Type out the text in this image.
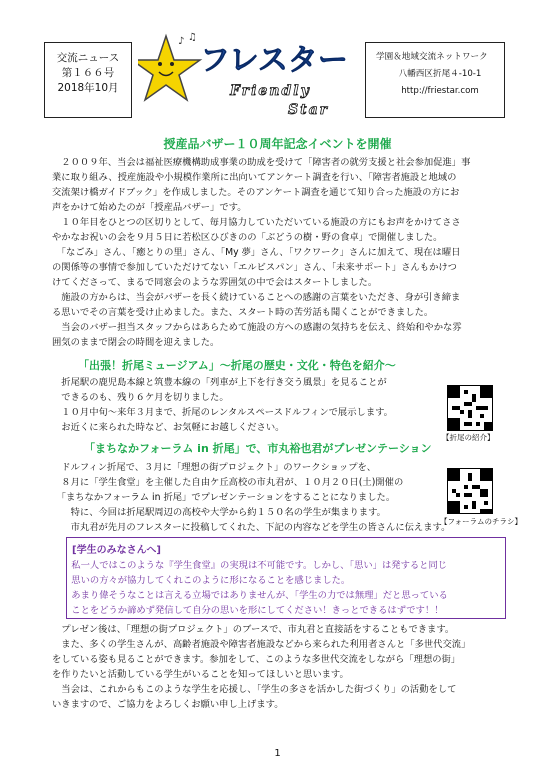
交流ニュース
第１６６号
2018年10月
♪ ♫
フレスター
Friendly
Star
学園＆地域交流ネットワーク
八幡西区折尾４-10-1
http://friestar.com
授産品バザー１０周年記念イベントを開催
　２００９年、当会は福祉医療機構助成事業の助成を受けて「障害者の就労支援と社会参加促進」事
業に取り組み、授産施設や小規模作業所に出向いてアンケート調査を行い、「障害者施設と地域の
交流架け橋ガイドブック」を作成しました。そのアンケート調査を通じて知り合った施設の方にお
声をかけて始めたのが「授産品バザー」です。
　１０年目をひとつの区切りとして、毎月協力していただいている施設の方にもお声をかけてささ
やかなお祝いの会を９月５日に若松区ひびきのの「ぶどうの樹・野の食卓」で開催しました。
　「なごみ」さん、「癒とりの里」さん、「My 夢」さん、「ワクワーク」さんに加えて、現在は曜日
の関係等の事情で参加していただけてない「エルビスパン」さん、「未来サポート」さんもかけつ
けてくださって、まるで同窓会のような雰囲気の中で会はスタートしました。
　施設の方からは、当会がバザーを長く続けていることへの感謝の言葉をいただき、身が引き締ま
る思いでその言葉を受け止めました。また、スタート時の苦労話も聞くことができました。
　当会のバザー担当スタッフからはあらためて施設の方への感謝の気持ちを伝え、終始和やかな雰
囲気のままで閉会の時間を迎えました。
「出張！折尾ミュージアム」～折尾の歴史・文化・特色を紹介～
　折尾駅の鹿児島本線と筑豊本線の「列車が上下を行き交う風景」を見ることが
　できるのも、残り６ケ月を切りました。
　１０月中旬～来年３月まで、折尾のレンタルスペースドルフィンで展示します。
　お近くに来られた時など、お気軽にお越しください。
【折尾の紹介】
「まちなかフォーラム in 折尾」で、市丸裕也君がプレゼンテーション
　ドルフィン折尾で、３月に「理想の街プロジェクト」のワークショップを、
　８月に「学生食堂」を主催した自由ケ丘高校の市丸君が、１０月２０日(土)開催の
　「まちなかフォーラム in 折尾」でプレゼンテーションをすることになりました。
　　特に、今回は折尾駅周辺の高校や大学から約１５０名の学生が集まります。
　　市丸君が先月のフレスターに投稿してくれた、下記の内容などを学生の皆さんに伝えます。
【フォーラムのチラシ】
[学生のみなさんへ]
　私一人ではこのような『学生食堂』の実現は不可能です。しかし、「思い」は発すると同じ
　思いの方々が協力してくれこのように形になることを感じました。
　あまり偉そうなことは言える立場ではありませんが、「学生の力では無理」だと思っている
　ことをどうか諦めず発信して自分の思いを形にしてください！きっとできるはずです！！
　プレゼン後は、「理想の街プロジェクト」のブースで、市丸君と直接話をすることもできます。
　また、多くの学生さんが、高齢者施設や障害者施設などから来られた利用者さんと「多世代交流」
をしている姿も見ることができます。参加をして、このような多世代交流をしながら「理想の街」
を作りたいと活動している学生がいることを知ってほしいと思います。
　当会は、これからもこのような学生を応援し、「学生の多さを活かした街づくり」の活動をして
いきますので、ご協力をよろしくお願い申し上げます。
1
